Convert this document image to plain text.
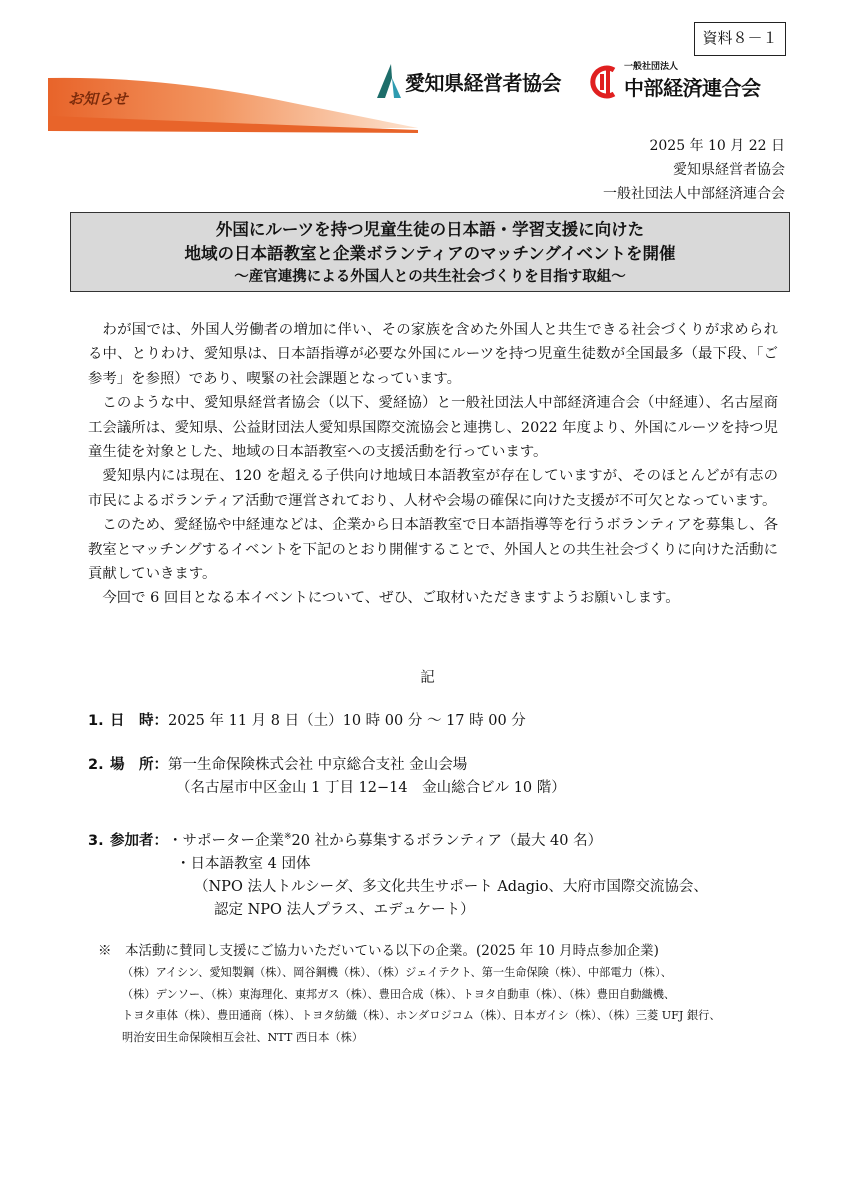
資料８－１
お知らせ
愛知県経営者協会
一般社団法人
中部経済連合会
2025 年 10 月 22 日
愛知県経営者協会
一般社団法人中部経済連合会
外国にルーツを持つ児童生徒の日本語・学習支援に向けた
地域の日本語教室と企業ボランティアのマッチングイベントを開催
～産官連携による外国人との共生社会づくりを目指す取組～

わが国では、外国人労働者の増加に伴い、その家族を含めた外国人と共生できる社会づくりが求められる中、とりわけ、愛知県は、日本語指導が必要な外国にルーツを持つ児童生徒数が全国最多（最下段、「ご参考」を参照）であり、喫緊の社会課題となっています。

このような中、愛知県経営者協会（以下、愛経協）と一般社団法人中部経済連合会（中経連）、名古屋商工会議所は、愛知県、公益財団法人愛知県国際交流協会と連携し、2022 年度より、外国にルーツを持つ児童生徒を対象とした、地域の日本語教室への支援活動を行っています。

愛知県内には現在、120 を超える子供向け地域日本語教室が存在していますが、そのほとんどが有志の市民によるボランティア活動で運営されており、人材や会場の確保に向けた支援が不可欠となっています。

このため、愛経協や中経連などは、企業から日本語教室で日本語指導等を行うボランティアを募集し、各教室とマッチングするイベントを下記のとおり開催することで、外国人との共生社会づくりに向けた活動に貢献していきます。

今回で 6 回目となる本イベントについて、ぜひ、ご取材いただきますようお願いします。

記
1. 日　時：2025 年 11 月 8 日（土）10 時 00 分 ～ 17 時 00 分
2. 場　所：第一生命保険株式会社 中京総合支社 金山会場
（名古屋市中区金山 1 丁目 12−14　金山総合ビル 10 階）
3. 参加者：・サポーター企業※20 社から募集するボランティア（最大 40 名）
・日本語教室 4 団体
（NPO 法人トルシーダ、多文化共生サポート Adagio、大府市国際交流協会、
認定 NPO 法人プラス、エデュケート）
※　 本活動に賛同し支援にご協力いただいている以下の企業。(2025 年 10 月時点参加企業)
（株）アイシン、愛知製鋼（株）、岡谷鋼機（株）、（株）ジェイテクト、第一生命保険（株）、中部電力（株）、
（株）デンソー、（株）東海理化、東邦ガス（株）、豊田合成（株）、トヨタ自動車（株）、（株）豊田自動織機、
トヨタ車体（株）、豊田通商（株）、トヨタ紡織（株）、ホンダロジコム（株）、日本ガイシ（株）、（株）三菱 UFJ 銀行、
明治安田生命保険相互会社、NTT 西日本（株）
